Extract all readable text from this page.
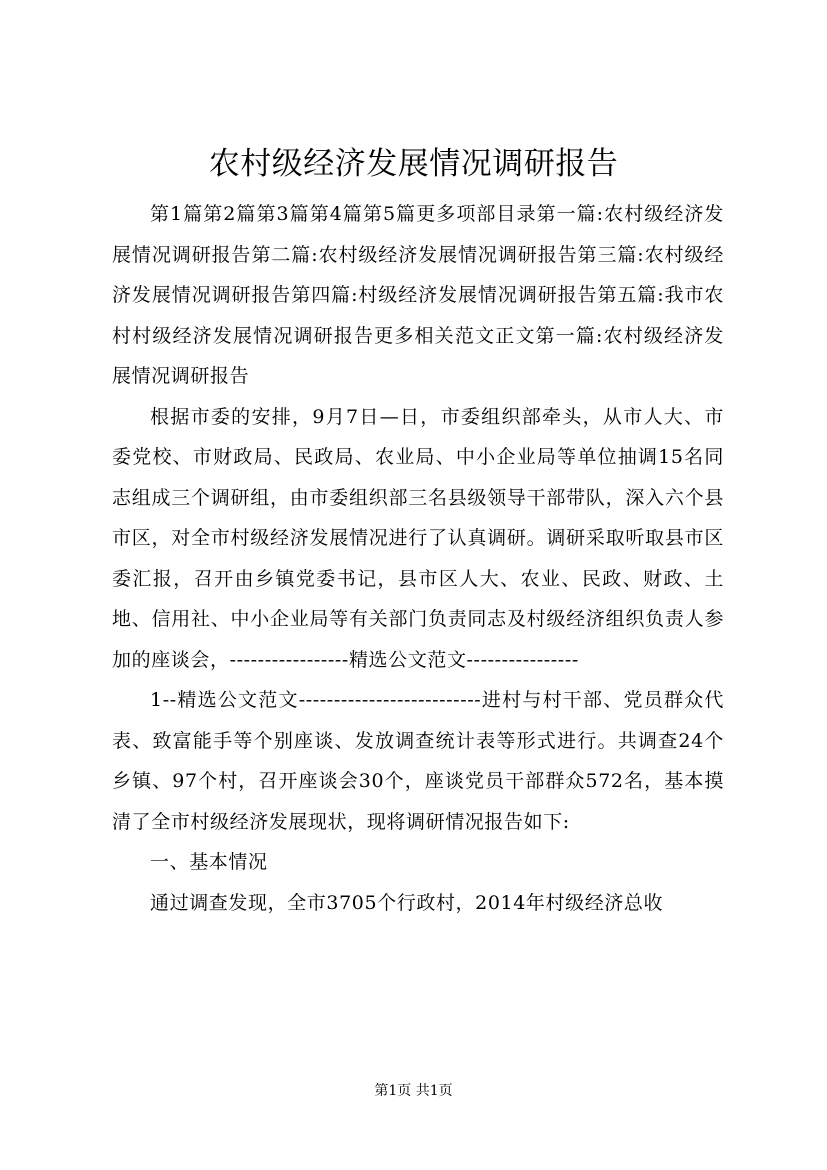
农村级经济发展情况调研报告

第1篇第2篇第3篇第4篇第5篇更多项部目录第一篇:农村级经济发展情况调研报告第二篇:农村级经济发展情况调研报告第三篇:农村级经济发展情况调研报告第四篇:村级经济发展情况调研报告第五篇:我市农村村级经济发展情况调研报告更多相关范文正文第一篇:农村级经济发展情况调研报告

根据市委的安排，9月7日—日，市委组织部牵头，从市人大、市委党校、市财政局、民政局、农业局、中小企业局等单位抽调15名同志组成三个调研组，由市委组织部三名县级领导干部带队，深入六个县市区，对全市村级经济发展情况进行了认真调研。调研采取听取县市区委汇报，召开由乡镇党委书记，县市区人大、农业、民政、财政、土地、信用社、中小企业局等有关部门负责同志及村级经济组织负责人参加的座谈会，-----------------精选公文范文----------------

1--精选公文范文--------------------------进村与村干部、党员群众代表、致富能手等个别座谈、发放调查统计表等形式进行。共调查24个乡镇、97个村，召开座谈会30个，座谈党员干部群众572名，基本摸清了全市村级经济发展现状，现将调研情况报告如下:

一、基本情况

通过调查发现，全市3705个行政村，2014年村级经济总收

第1页 共1页
